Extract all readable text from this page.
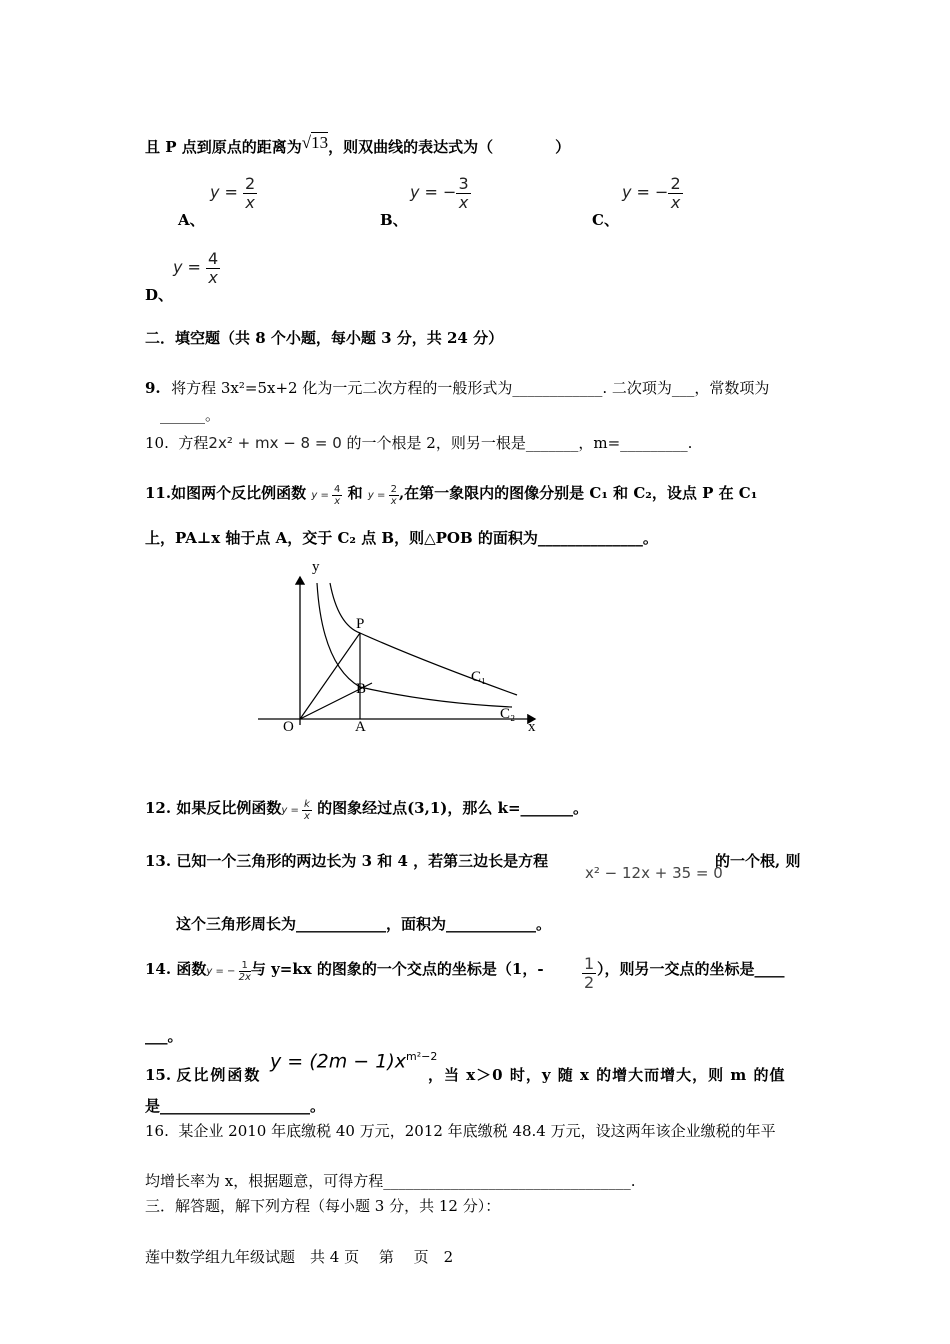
且 P 点到原点的距离为√13，则双曲线的表达式为（	）
A、
$y = \frac{2}{x}$
B、
y = − $\frac{3}{x}$
C、
y = − $\frac{2}{x}$
D、
$y = \frac{4}{x}$
二．填空题（共 8 个小题，每小题 3 分，共 24 分）
9. 将方程 3x²=5x+2 化为一元二次方程的一般形式为____________. 二次项为___，常数项为
______。
10. 方程2x² + mx − 8 = 0 的一个根是 2，则另一根是_______，m=_________.
11.如图两个反比例函数 $y = \frac{4}{x}$ 和 $y = \frac{2}{x}$ ,在第一象限内的图像分别是 C₁ 和 C₂，设点 P 在 C₁
上，PA⊥x 轴于点 A，交于 C₂ 点 B，则△POB 的面积为______________。
y
x
O	A
P
B
C₁
C₂
12. 如果反比例函数$y = \frac{k}{x}$ 的图象经过点(3,1)，那么 k=_______。
13. 已知一个三角形的两边长为 3 和 4 ，若第三边长是方程
x² − 12x + 35 = 0
的一个根, 则
这个三角形周长为____________，面积为____________。
14. 函数y = − $\frac{1}{2x}$ 与 y=kx 的图象的一个交点的坐标是（1，- $\frac{1}{2}$ ），则另一交点的坐标是____
___。
15. 反比例函数
$y = (2m - 1)x^{m^2-2}$
，当 x＞0 时，y 随 x 的增大而增大，则 m 的值
是____________________。
16. 某企业 2010 年底缴税 40 万元，2012 年底缴税 48.4 万元，设这两年该企业缴税的年平
均增长率为 x，根据题意，可得方程_________________________________.
三．解答题，解下列方程（每小题 3 分，共 12 分）：
莲中数学组九年级试题　共 4 页　 第 　页　2
